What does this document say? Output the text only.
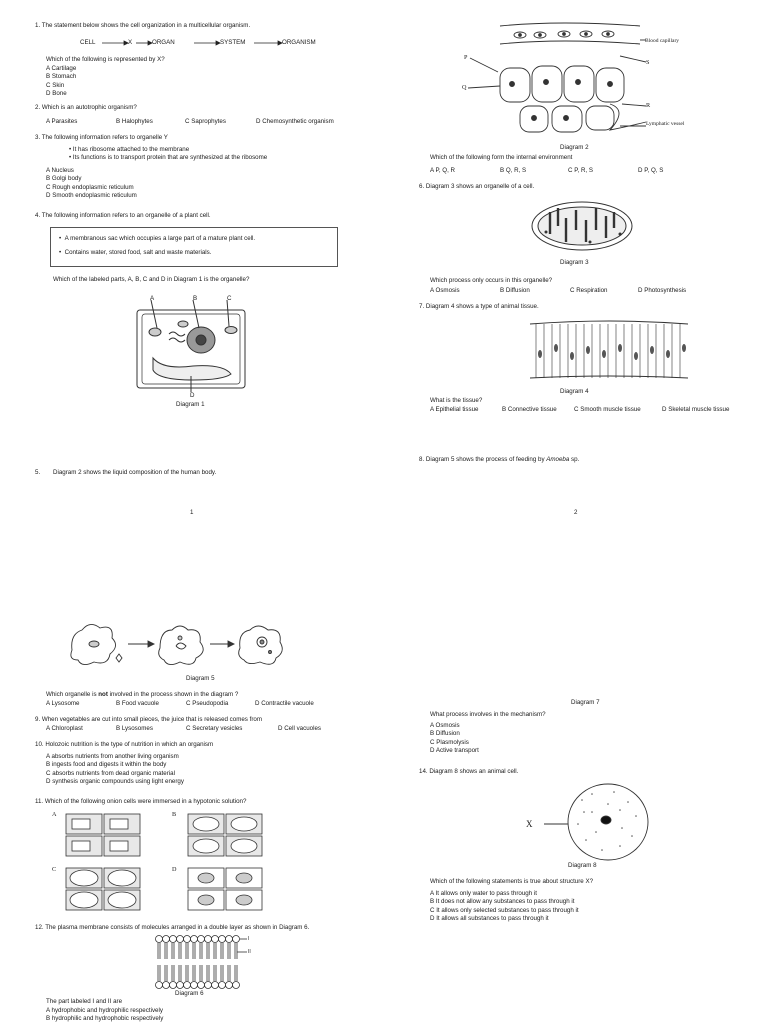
1. The statement below shows the cell organization in a multicellular organism.
CELL	X	ORGAN	SYSTEM	ORGANISM
Which of the following is represented by X?
A Cartilage
B Stomach
C Skin
D Bone
2. Which is an autotrophic organism?
A Parasites	B Halophytes	C Saprophytes	D Chemosynthetic organism
3. The following information refers to organelle Y
• It has ribosome attached to the membrane
• Its functions is to transport protein that are synthesized at the ribosome
A Nucleus
B Golgi body
C Rough endoplasmic reticulum
D Smooth endoplasmic reticulum
4. The following information refers to an organelle of a plant cell.
•  A membranous sac which occupies a large part of a mature plant cell.
•  Contains water, stored food, salt and waste materials.
Which of the labeled parts, A, B, C and D in Diagram 1 is the organelle?
A	B	C
D
Diagram 1
5. Diagram 2 shows the liquid composition of the human body.
1
Blood capillary
P
S
Q
R
Lymphatic vessel
Diagram 2
Which of the following form the internal environment
A P, Q, R	B Q, R, S	C P, R, S	D P, Q, S
6. Diagram 3 shows an organelle of a cell.
Diagram 3
Which process only occurs in this organelle?
A Osmosis	B Diffusion	C Respiration	D Photosynthesis
7. Diagram 4 shows a type of animal tissue.
Diagram 4
What is the tissue?
A Epithelial tissue	B Connective tissue	C Smooth muscle tissue	D Skeletal muscle tissue
8. Diagram 5 shows the process of feeding by Amoeba sp.
2
Diagram 5
Which organelle is not involved in the process shown in the diagram ?
A Lysosome	B Food vacuole	C Pseudopodia	D Contractile vacuole
9. When vegetables are cut into small pieces, the juice that is released comes from
A Chloroplast	B Lysosomes	C Secretary vesicles	D Cell vacuoles
10. Holozoic nutrition is the type of nutrition in which an organism
A absorbs nutrients from another living organism
B ingests food and digests it within the body
C absorbs nutrients from dead organic material
D synthesis organic compounds using light energy
11. Which of the following onion cells were immersed in a hypotonic solution?
A	B
C	D
12. The plasma membrane consists of molecules arranged in a double layer as shown in Diagram 6.
I
II
Diagram 6
The part labeled I and II are
A hydrophobic and hydrophilic respectively
B hydrophilic and hydrophobic respectively
Diagram 7
What process involves in the mechanism?
A Osmosis
B Diffusion
C Plasmolysis
D Active transport
14. Diagram 8 shows an animal cell.
X
Diagram 8
Which of the following statements is true about structure X?
A It allows only water to pass through it
B It does not allow any substances to pass through it
C It allows only selected substances to pass through it
D It allows all substances to pass through it
